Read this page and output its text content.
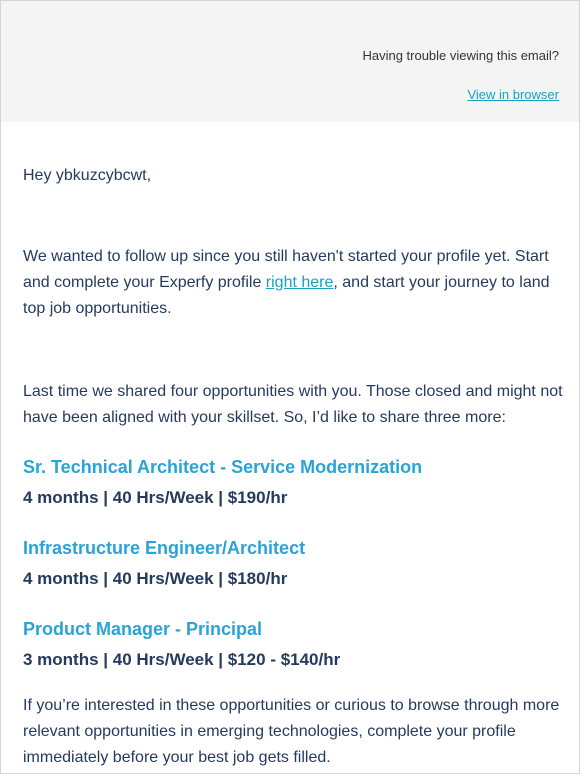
Having trouble viewing this email?
View in browser
Hey ybkuzcybcwt,
We wanted to follow up since you still haven't started your profile yet. Start and complete your Experfy profile right here, and start your journey to land top job opportunities.
Last time we shared four opportunities with you. Those closed and might not have been aligned with your skillset. So, I’d like to share three more:
Sr. Technical Architect - Service Modernization
4 months | 40 Hrs/Week | $190/hr
Infrastructure Engineer/Architect
4 months | 40 Hrs/Week | $180/hr
Product Manager - Principal
3 months | 40 Hrs/Week | $120 - $140/hr
If you’re interested in these opportunities or curious to browse through more relevant opportunities in emerging technologies, complete your profile immediately before your best job gets filled.
